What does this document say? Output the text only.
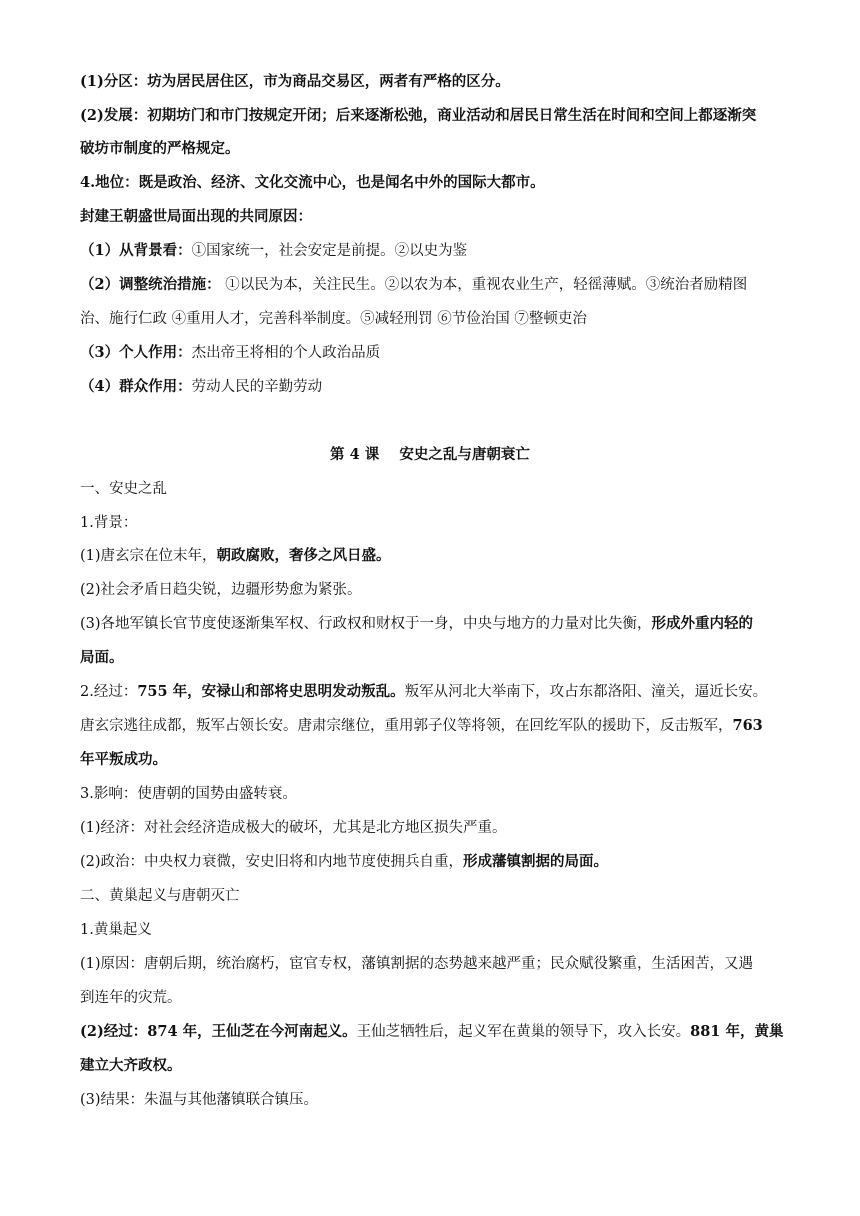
(1)分区：坊为居民居住区，市为商品交易区，两者有严格的区分。
(2)发展：初期坊门和市门按规定开闭；后来逐渐松弛，商业活动和居民日常生活在时间和空间上都逐渐突
破坊市制度的严格规定。
4.地位：既是政治、经济、文化交流中心，也是闻名中外的国际大都市。
封建王朝盛世局面出现的共同原因：
（1）从背景看：①国家统一，社会安定是前提。②以史为鉴
（2）调整统治措施： ①以民为本，关注民生。②以农为本，重视农业生产，轻徭薄赋。③统治者励精图
治、施行仁政 ④重用人才，完善科举制度。⑤减轻刑罚 ⑥节俭治国 ⑦整顿吏治
（3）个人作用：杰出帝王将相的个人政治品质
（4）群众作用：劳动人民的辛勤劳动
第 4 课    安史之乱与唐朝衰亡
一、安史之乱
1.背景：
(1)唐玄宗在位末年，朝政腐败，奢侈之风日盛。
(2)社会矛盾日趋尖锐，边疆形势愈为紧张。
(3)各地军镇长官节度使逐渐集军权、行政权和财权于一身，中央与地方的力量对比失衡，形成外重内轻的
局面。
2.经过：755 年，安禄山和部将史思明发动叛乱。叛军从河北大举南下，攻占东都洛阳、潼关，逼近长安。
唐玄宗逃往成都，叛军占领长安。唐肃宗继位，重用郭子仪等将领，在回纥军队的援助下，反击叛军，763
年平叛成功。
3.影响：使唐朝的国势由盛转衰。
(1)经济：对社会经济造成极大的破坏，尤其是北方地区损失严重。
(2)政治：中央权力衰微，安史旧将和内地节度使拥兵自重，形成藩镇割据的局面。
二、黄巢起义与唐朝灭亡
1.黄巢起义
(1)原因：唐朝后期，统治腐朽，宦官专权，藩镇割据的态势越来越严重；民众赋役繁重，生活困苦，又遇
到连年的灾荒。
(2)经过：874 年，王仙芝在今河南起义。王仙芝牺牲后，起义军在黄巢的领导下，攻入长安。881 年，黄巢
建立大齐政权。
(3)结果：朱温与其他藩镇联合镇压。
